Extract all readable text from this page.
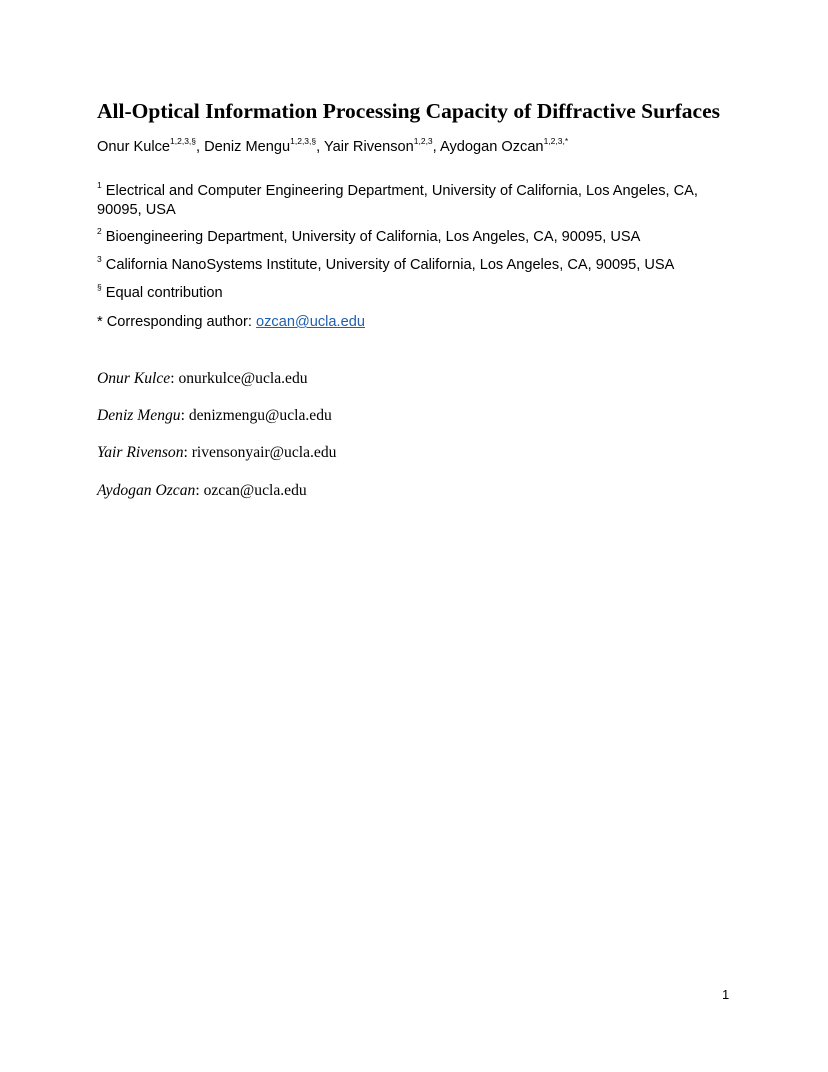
All-Optical Information Processing Capacity of Diffractive Surfaces
Onur Kulce$^{1,2,3,\S}$, Deniz Mengu$^{1,2,3,\S}$, Yair Rivenson$^{1,2,3}$, Aydogan Ozcan$^{1,2,3,*}$
$^1$ Electrical and Computer Engineering Department, University of California, Los Angeles, CA, 90095, USA
$^2$ Bioengineering Department, University of California, Los Angeles, CA, 90095, USA
$^3$ California NanoSystems Institute, University of California, Los Angeles, CA, 90095, USA
§ Equal contribution
* Corresponding author: ozcan@ucla.edu
Onur Kulce: onurkulce@ucla.edu
Deniz Mengu: denizmengu@ucla.edu
Yair Rivenson: rivensonyair@ucla.edu
Aydogan Ozcan: ozcan@ucla.edu
1
